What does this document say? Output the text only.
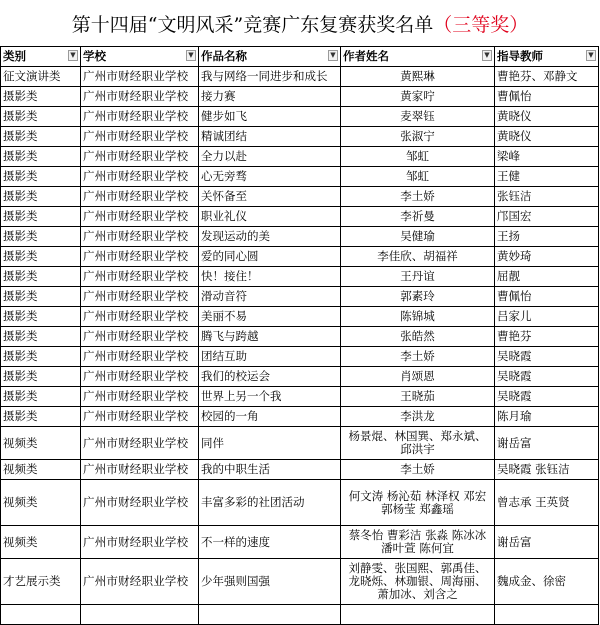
第十四届“文明风采”竞赛广东复赛获奖名单 （三等奖）
类别 ▼	学校 ▼	作品名称 ▼	作者姓名 ▼	指导教师 ▼

征文演讲类	广州市财经职业学校	我与网络一同进步和成长	黄熙琳	曹艳芬、邓静文
摄影类	广州市财经职业学校	接力赛	黄家咛	曹佩怡
摄影类	广州市财经职业学校	健步如飞	麦翠钰	黄晓仪
摄影类	广州市财经职业学校	精诚团结	张淑宁	黄晓仪
摄影类	广州市财经职业学校	全力以赴	邹虹	梁峰
摄影类	广州市财经职业学校	心无旁骛	邹虹	王健
摄影类	广州市财经职业学校	关怀备至	李土娇	张钰洁
摄影类	广州市财经职业学校	职业礼仪	李祈曼	邝国宏
摄影类	广州市财经职业学校	发现运动的美	吴健瑜	王扬
摄影类	广州市财经职业学校	爱的同心圆	李佳欣、胡福祥	黄妙琦
摄影类	广州市财经职业学校	快！接住！	王丹谊	屈靓
摄影类	广州市财经职业学校	滑动音符	郭素玲	曹佩怡
摄影类	广州市财经职业学校	美丽不易	陈锦城	吕家儿
摄影类	广州市财经职业学校	腾飞与跨越	张皓然	曹艳芬
摄影类	广州市财经职业学校	团结互助	李土娇	吴晓霞
摄影类	广州市财经职业学校	我们的校运会	肖颂恩	吴晓霞
摄影类	广州市财经职业学校	世界上另一个我	王晓茄	吴晓霞
摄影类	广州市财经职业学校	校园的一角	李洪龙	陈月瑜
视频类	广州市财经职业学校	同伴	杨景焜、林国巽、郑永斌、邱洪宇	谢岳富
视频类	广州市财经职业学校	我的中职生活	李土娇	吴晓霞 张钰洁
视频类	广州市财经职业学校	丰富多彩的社团活动	何文涛 杨沁茹 林泽权 邓宏 郭杨莹 郑鑫瑶	曾志承 王英贤
视频类	广州市财经职业学校	不一样的速度	蔡冬怡 曹彩洁 张淼 陈冰冰 潘叶萱 陈何宜	谢岳富
才艺展示类	广州市财经职业学校	少年强则国强	刘静雯、张国熙、郭禹佳、龙晓烁、林珈银、周海丽、萧加冰、刘含之	魏成金、徐密
